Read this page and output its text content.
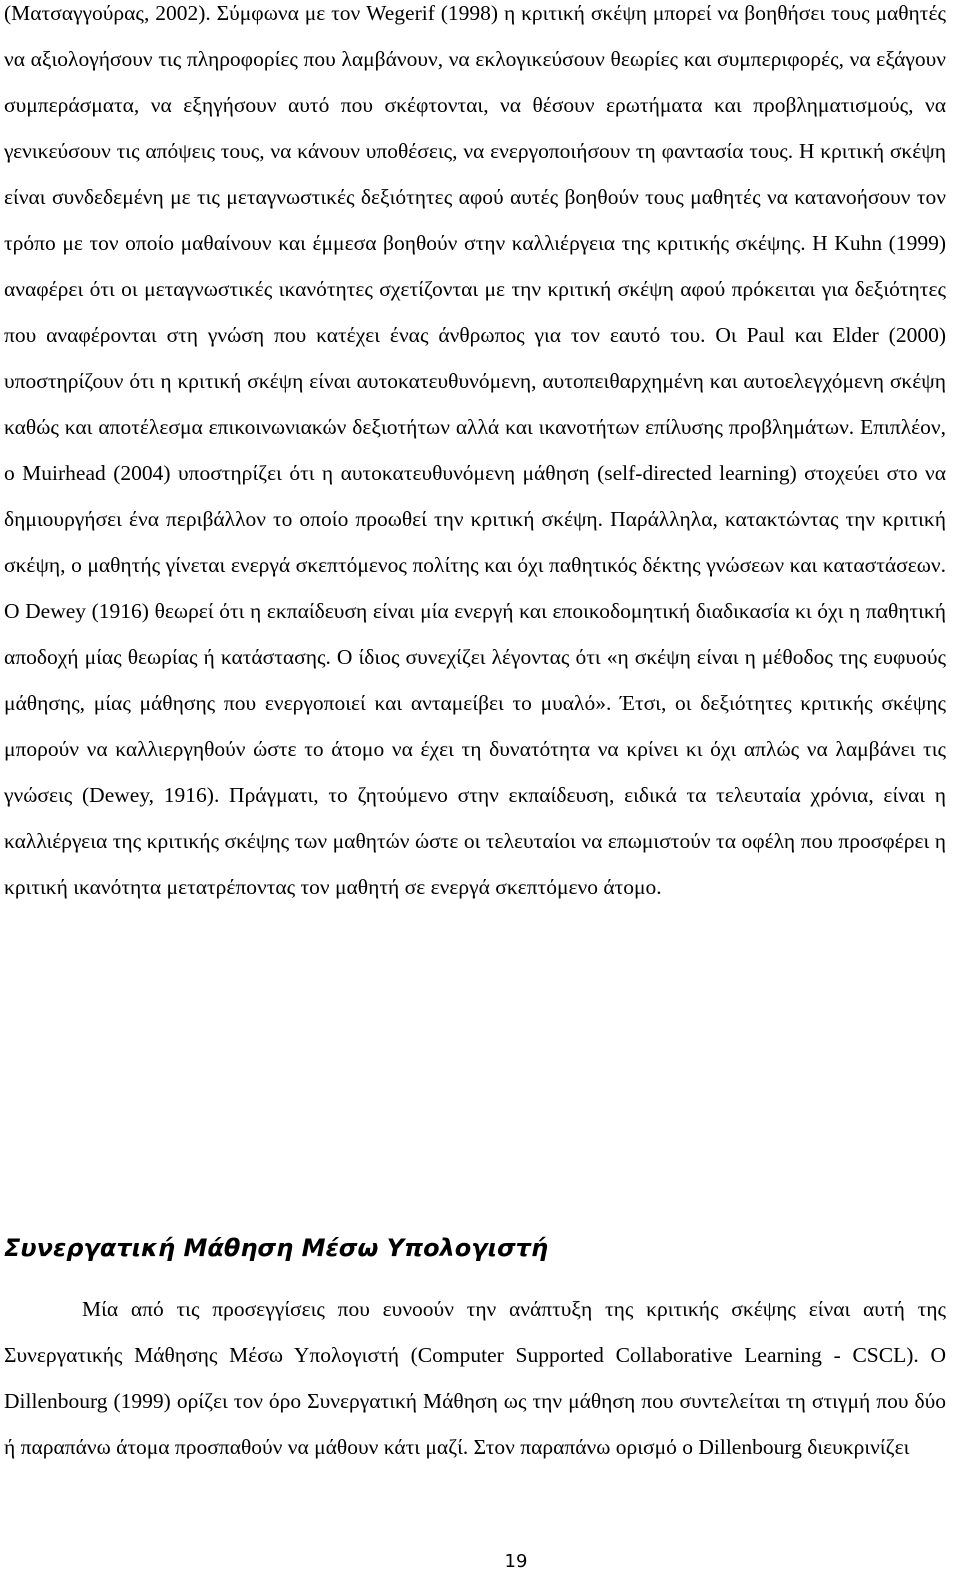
(Ματσαγγούρας, 2002). Σύμφωνα με τον Wegerif (1998) η κριτική σκέψη μπορεί να βοηθήσει τους μαθητές να αξιολογήσουν τις πληροφορίες που λαμβάνουν, να εκλογικεύσουν θεωρίες και συμπεριφορές, να εξάγουν συμπεράσματα, να εξηγήσουν αυτό που σκέφτονται, να θέσουν ερωτήματα και προβληματισμούς, να γενικεύσουν τις απόψεις τους, να κάνουν υποθέσεις, να ενεργοποιήσουν τη φαντασία τους. Η κριτική σκέψη είναι συνδεδεμένη με τις μεταγνωστικές δεξιότητες αφού αυτές βοηθούν τους μαθητές να κατανοήσουν τον τρόπο με τον οποίο μαθαίνουν και έμμεσα βοηθούν στην καλλιέργεια της κριτικής σκέψης. Η Kuhn (1999) αναφέρει ότι οι μεταγνωστικές ικανότητες σχετίζονται με την κριτική σκέψη αφού πρόκειται για δεξιότητες που αναφέρονται στη γνώση που κατέχει ένας άνθρωπος για τον εαυτό του. Οι Paul και Elder (2000) υποστηρίζουν ότι η κριτική σκέψη είναι αυτοκατευθυνόμενη, αυτοπειθαρχημένη και αυτοελεγχόμενη σκέψη καθώς και αποτέλεσμα επικοινωνιακών δεξιοτήτων αλλά και ικανοτήτων επίλυσης προβλημάτων. Επιπλέον, ο Muirhead (2004) υποστηρίζει ότι η αυτοκατευθυνόμενη μάθηση (self-directed learning) στοχεύει στο να δημιουργήσει ένα περιβάλλον το οποίο προωθεί την κριτική σκέψη. Παράλληλα, κατακτώντας την κριτική σκέψη, ο μαθητής γίνεται ενεργά σκεπτόμενος πολίτης και όχι παθητικός δέκτης γνώσεων και καταστάσεων. Ο Dewey (1916) θεωρεί ότι η εκπαίδευση είναι μία ενεργή και εποικοδομητική διαδικασία κι όχι η παθητική αποδοχή μίας θεωρίας ή κατάστασης. Ο ίδιος συνεχίζει λέγοντας ότι «η σκέψη είναι η μέθοδος της ευφυούς μάθησης, μίας μάθησης που ενεργοποιεί και ανταμείβει το μυαλό». Έτσι, οι δεξιότητες κριτικής σκέψης μπορούν να καλλιεργηθούν ώστε το άτομο να έχει τη δυνατότητα να κρίνει κι όχι απλώς να λαμβάνει τις γνώσεις (Dewey, 1916). Πράγματι, το ζητούμενο στην εκπαίδευση, ειδικά τα τελευταία χρόνια, είναι η καλλιέργεια της κριτικής σκέψης των μαθητών ώστε οι τελευταίοι να επωμιστούν τα οφέλη που προσφέρει η κριτική ικανότητα μετατρέποντας τον μαθητή σε ενεργά σκεπτόμενο άτομο.

Συνεργατική Μάθηση Μέσω Υπολογιστή

Μία από τις προσεγγίσεις που ευνοούν την ανάπτυξη της κριτικής σκέψης είναι αυτή της Συνεργατικής Μάθησης Μέσω Υπολογιστή (Computer Supported Collaborative Learning - CSCL). O Dillenbourg (1999) ορίζει τον όρο Συνεργατική Μάθηση ως την μάθηση που συντελείται τη στιγμή που δύο ή παραπάνω άτομα προσπαθούν να μάθουν κάτι μαζί. Στον παραπάνω ορισμό ο Dillenbourg διευκρινίζει

19
